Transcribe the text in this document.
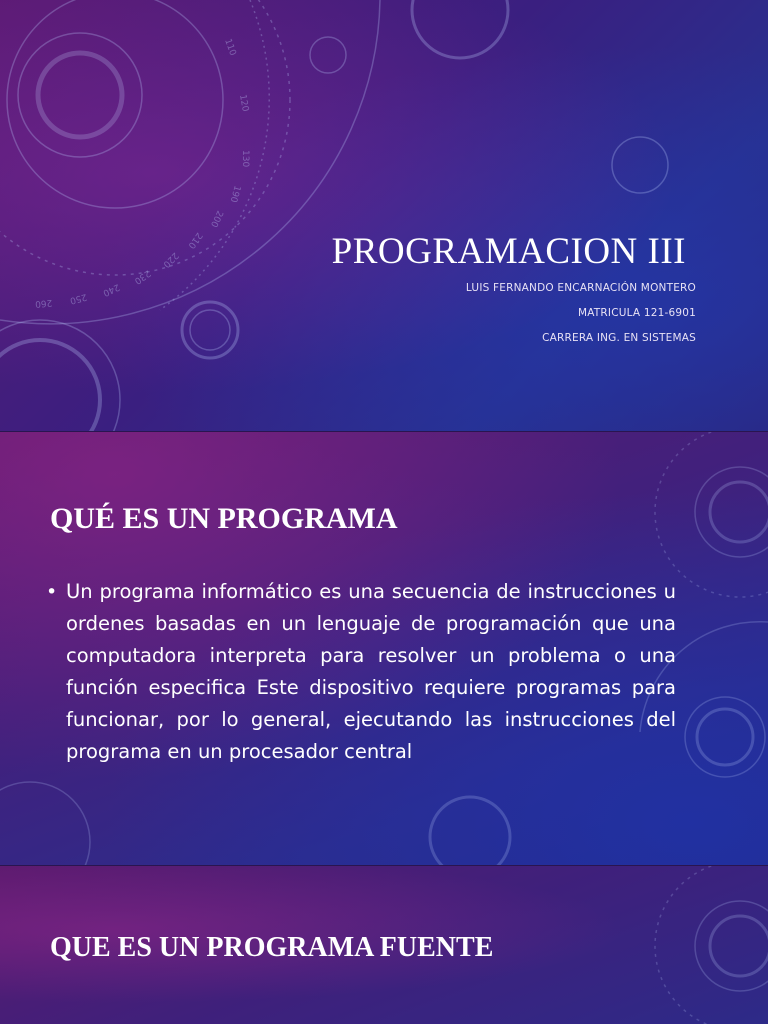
110
120
130
190
200
210
220
230
240
250
260
PROGRAMACION III

LUIS FERNANDO ENCARNACIÓN MONTERO

MATRICULA 121-6901

CARRERA ING. EN SISTEMAS

QUÉ ES UN PROGRAMA
• Un programa informático es una secuencia de instrucciones u ordenes basadas en un lenguaje de programación que una computadora interpreta para resolver un problema o una función especifica Este dispositivo requiere programas para funcionar, por lo general, ejecutando las instrucciones del programa en un procesador central
QUE ES UN PROGRAMA FUENTE
